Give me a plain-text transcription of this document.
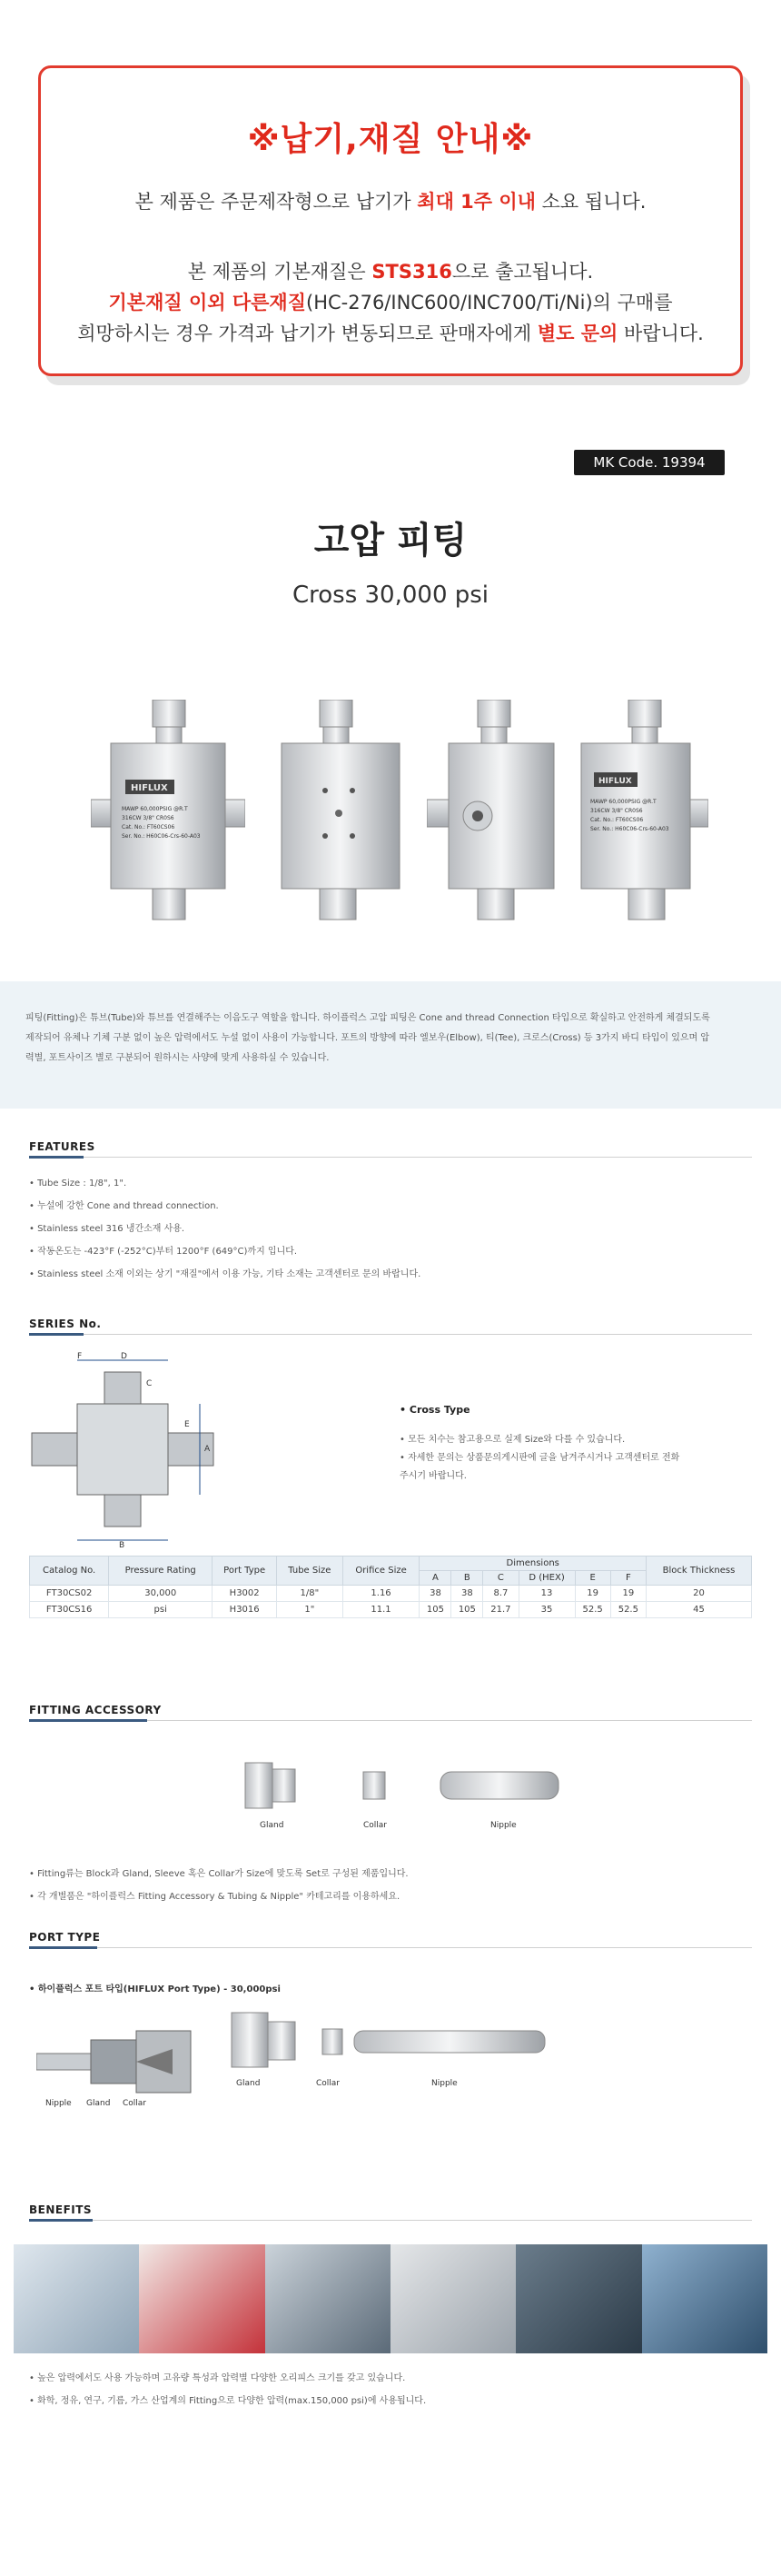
※납기,재질 안내※
본 제품은 주문제작형으로 납기가 최대 1주 이내 소요 됩니다.
본 제품의 기본재질은 STS316으로 출고됩니다.
기본재질 이외 다른재질(HC-276/INC600/INC700/Ti/Ni)의 구매를
희망하시는 경우 가격과 납기가 변동되므로 판매자에게 별도 문의 바랍니다.
MK Code. 19394
고압 피팅
Cross 30,000 psi
HIFLUX
MAWP 60,000PSIG @R.T
316CW 3/8" CR0S6
Cat. No.: FT60CS06
Ser. No.: H60C06-Crs-60-A03
HIFLUX
MAWP 60,000PSIG @R.T
316CW 3/8" CR0S6
Cat. No.: FT60CS06
Ser. No.: H60C06-Crs-60-A03
피팅(Fitting)은 튜브(Tube)와 튜브를 연결해주는 이음도구 역할을 합니다. 하이플럭스 고압 피팅은 Cone and thread Connection 타입으로 확실하고 안전하게 체결되도록
제작되어 유체나 기체 구분 없이 높은 압력에서도 누설 없이 사용이 가능합니다. 포트의 방향에 따라 엘보우(Elbow), 티(Tee), 크로스(Cross) 등 3가지 바디 타입이 있으며 압
력별, 포트사이즈 별로 구분되어 원하시는 사양에 맞게 사용하실 수 있습니다.
FEATURES
• Tube Size : 1/8", 1".
• 누설에 강한 Cone and thread connection.
• Stainless steel 316 냉간소재 사용.
• 작동온도는 -423°F (-252°C)부터 1200°F (649°C)까지 입니다.
• Stainless steel 소재 이외는 상기 "재질"에서 이용 가능, 기타 소재는 고객센터로 문의 바랍니다.
SERIES No.
B
F	D
C
E
A
• Cross Type
• 모든 치수는 참고용으로 실제 Size와 다를 수 있습니다.
• 자세한 문의는 상품문의게시판에 글을 남겨주시거나 고객센터로 전화
주시기 바랍니다.
Catalog No.	Pressure Rating	Port Type	Tube Size	Orifice Size	Dimensions						Block Thickness
					A	B	C	D (HEX)	E	F	
FT30CS02	30,000	H3002	1/8"	1.16	38	38	8.7	13	19	19	20
FT30CS16	psi	H3016	1"	11.1	105	105	21.7	35	52.5	52.5	45
FITTING ACCESSORY
Gland	Collar	Nipple
• Fitting류는 Block과 Gland, Sleeve 혹은 Collar가 Size에 맞도록 Set로 구성된 제품입니다.
• 각 개별품은 "하이플럭스 Fitting Accessory & Tubing & Nipple" 카테고리를 이용하세요.
PORT TYPE
• 하이플럭스 포트 타입(HIFLUX Port Type) - 30,000psi
Nipple Gland Collar
Gland	Collar	Nipple
BENEFITS
• 높은 압력에서도 사용 가능하며 고유량 특성과 압력별 다양한 오리피스 크기를 갖고 있습니다.
• 화학, 정유, 연구, 기름, 가스 산업계의 Fitting으로 다양한 압력(max.150,000 psi)에 사용됩니다.
